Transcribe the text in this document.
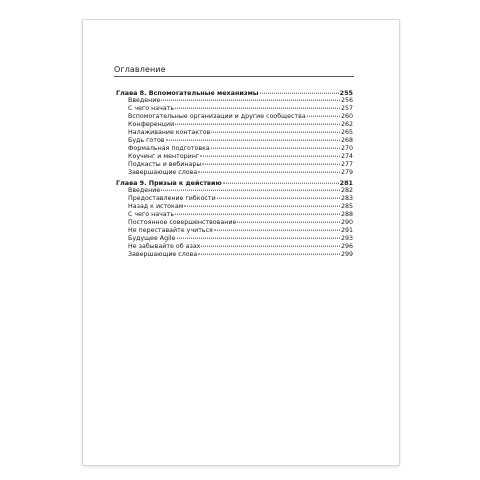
Оглавление
Глава 8. Вспомогательные механизмы	255
Введение	256
С чего начать	257
Вспомогательные организации и другие сообщества	260
Конференции	262
Налаживание контактов	265
Будь готов	268
Формальная подготовка	270
Коучинг и менторинг	274
Подкасты и вебинары	277
Завершающие слова	279
Глава 9. Призыв к действию	281
Введение	282
Предоставление гибкости	283
Назад к истокам	285
С чего начать	288
Постоянное совершенствование	290
Не переставайте учиться	291
Будущее Agile	293
Не забывайте об азах	296
Завершающие слова	299
